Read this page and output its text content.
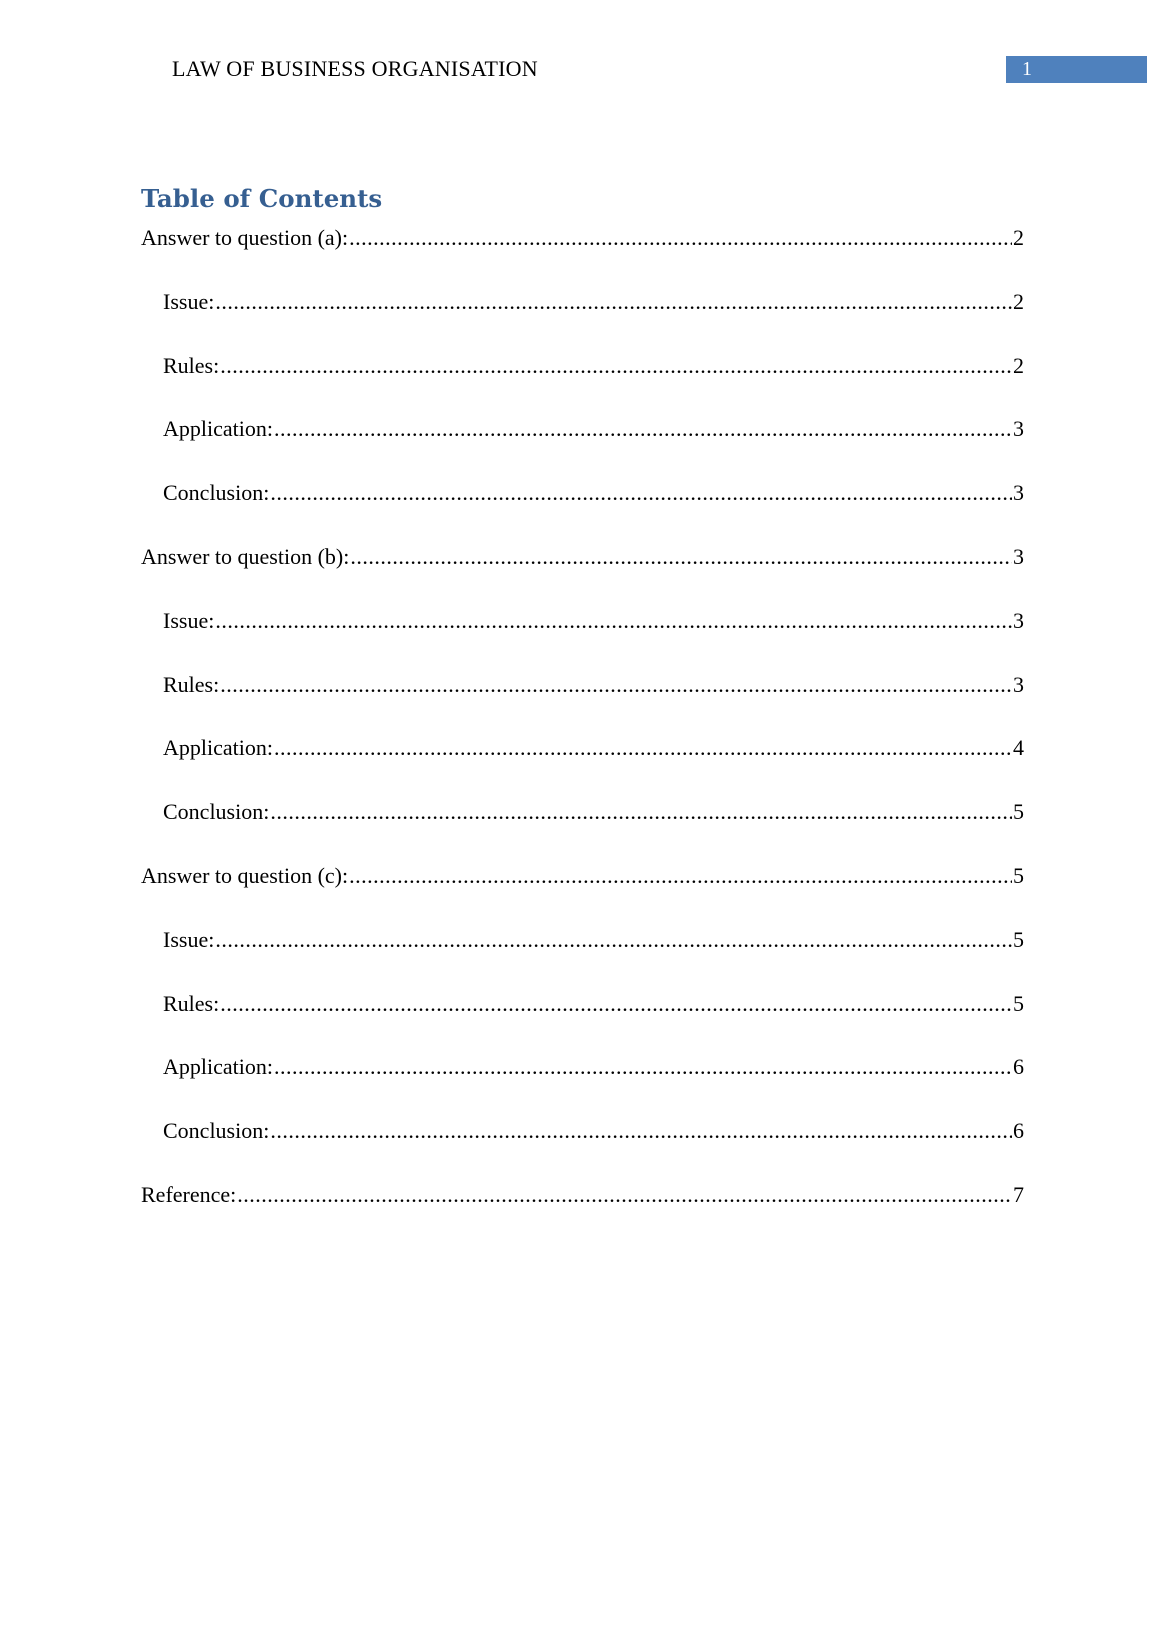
LAW OF BUSINESS ORGANISATION	1
Table of Contents
Answer to question (a): .....	2
Issue: .....	2
Rules: .....	2
Application: .....	3
Conclusion: .....	3
Answer to question (b): .....	3
Issue: .....	3
Rules: .....	3
Application: .....	4
Conclusion: .....	5
Answer to question (c): .....	5
Issue: .....	5
Rules: .....	5
Application: .....	6
Conclusion: .....	6
Reference: .....	7
